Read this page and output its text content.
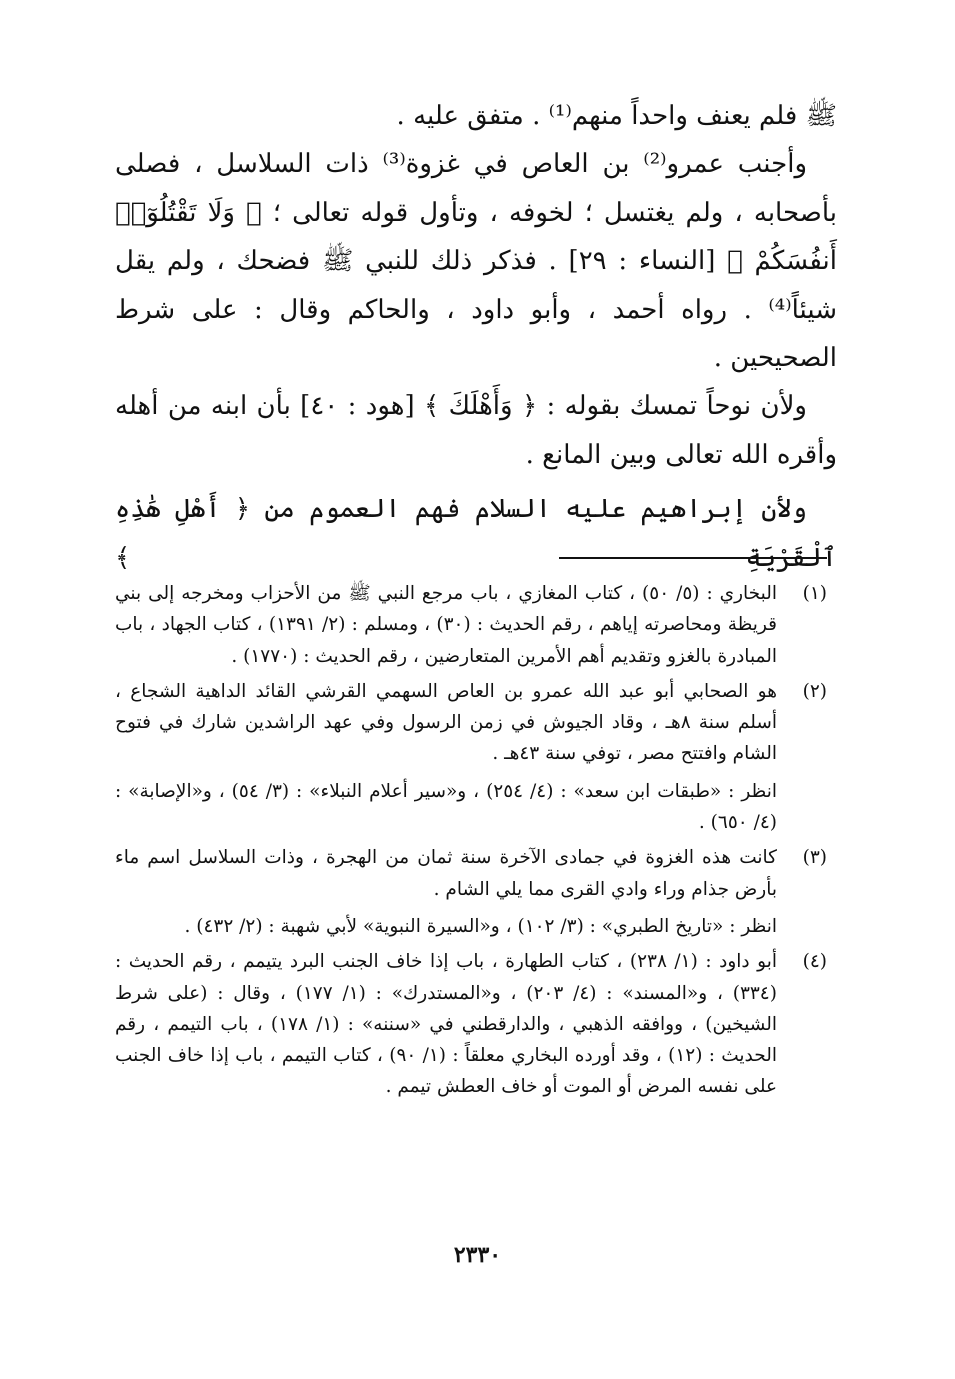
ﷺ فلم يعنف واحداً منهم⁽¹⁾ . متفق عليه .

وأجنب عمرو⁽²⁾ بن العاص في غزوة⁽³⁾ ذات السلاسل ، فصلى بأصحابه ، ولم يغتسل ؛ لخوفه ، وتأول قوله تعالى ؛ ﴿ وَلَا تَقْتُلُوٓا۟ أَنفُسَكُمْ ﴾ [النساء : ٢٩] . فذكر ذلك للنبي ﷺ فضحك ، ولم يقل شيئاً⁽⁴⁾ . رواه أحمد ، وأبو داود ، والحاكم وقال : على شرط الصحيحين .

ولأن نوحاً تمسك بقوله : ﴿ وَأَهْلَكَ ﴾ [هود : ٤٠] بأن ابنه من أهله وأقره الله تعالى وبين المانع .

ولأن إبراهيم عليه السلام فهم العموم من ﴿ أَهْلِ هَٰذِهِ ٱلْقَرْيَةِ ﴾

(١)

البخاري : (٥/ ٥٠) ، كتاب المغازي ، باب مرجع النبي ﷺ من الأحزاب ومخرجه إلى بني قريظة ومحاصرته إياهم ، رقم الحديث : (٣٠) ، ومسلم : (٢/ ١٣٩١) ، كتاب الجهاد ، باب المبادرة بالغزو وتقديم أهم الأمرين المتعارضين ، رقم الحديث : (١٧٧٠) .

(٢)

هو الصحابي أبو عبد الله عمرو بن العاص السهمي القرشي القائد الداهية الشجاع ، أسلم سنة ٨هـ ، وقاد الجيوش في زمن الرسول وفي عهد الراشدين شارك في فتوح الشام وافتتح مصر ، توفي سنة ٤٣هـ .

انظر : «طبقات ابن سعد» : (٤/ ٢٥٤) ، و«سير أعلام النبلاء» : (٣/ ٥٤) ، و«الإصابة» : (٤/ ٦٥٠) .

(٣)

كانت هذه الغزوة في جمادى الآخرة سنة ثمان من الهجرة ، وذات السلاسل اسم ماء بأرض جذام وراء وادي القرى مما يلي الشام .

انظر : «تاريخ الطبري» : (٣/ ١٠٢) ، و«السيرة النبوية» لأبي شهبة : (٢/ ٤٣٢) .

(٤)

أبو داود : (١/ ٢٣٨) ، كتاب الطهارة ، باب إذا خاف الجنب البرد يتيمم ، رقم الحديث : (٣٣٤) ، و«المسند» : (٤/ ٢٠٣) ، و«المستدرك» : (١/ ١٧٧) ، وقال : (على شرط الشيخين) ، ووافقه الذهبي ، والدارقطني في «سننه» : (١/ ١٧٨) ، باب التيمم ، رقم الحديث : (١٢) ، وقد أورده البخاري معلقاً : (١/ ٩٠) ، كتاب التيمم ، باب إذا خاف الجنب على نفسه المرض أو الموت أو خاف العطش تيمم .

٢٣٣٠
